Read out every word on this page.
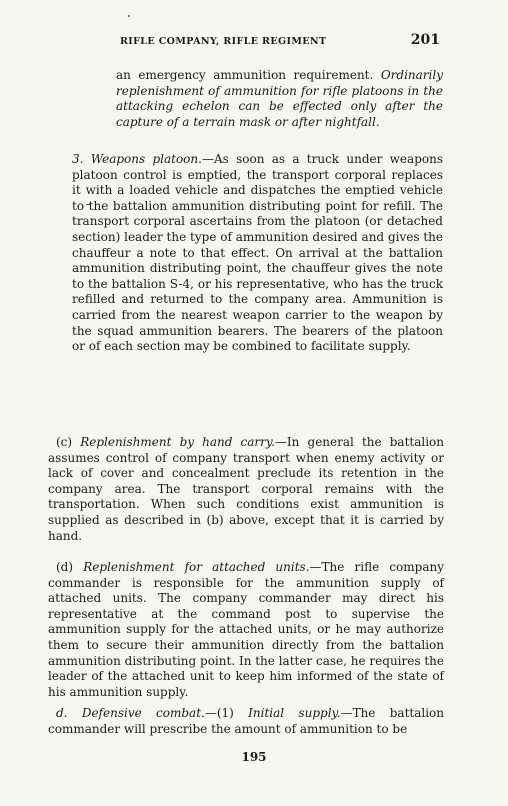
RIFLE COMPANY, RIFLE REGIMENT	201

an emergency ammunition requirement. Ordinarily replenishment of ammunition for rifle platoons in the attacking echelon can be effected only after the capture of a terrain mask or after nightfall.

3. Weapons platoon.—As soon as a truck under weapons platoon control is emptied, the transport corporal replaces it with a loaded vehicle and dispatches the emptied vehicle to the battalion ammunition distributing point for refill. The transport corporal ascertains from the platoon (or detached section) leader the type of ammunition desired and gives the chauffeur a note to that effect. On arrival at the battalion ammunition distributing point, the chauffeur gives the note to the battalion S-4, or his representative, who has the truck refilled and returned to the company area. Ammunition is carried from the nearest weapon carrier to the weapon by the squad ammunition bearers. The bearers of the platoon or of each section may be combined to facilitate supply.

(c) Replenishment by hand carry.—In general the battalion assumes control of company transport when enemy activity or lack of cover and concealment preclude its retention in the company area. The transport corporal remains with the transportation. When such conditions exist ammunition is supplied as described in (b) above, except that it is carried by hand.

(d) Replenishment for attached units.—The rifle company commander is responsible for the ammunition supply of attached units. The company commander may direct his representative at the command post to supervise the ammunition supply for the attached units, or he may authorize them to secure their ammunition directly from the battalion ammunition distributing point. In the latter case, he requires the leader of the attached unit to keep him informed of the state of his ammunition supply.

d. Defensive combat.—(1) Initial supply.—The battalion commander will prescribe the amount of ammunition to be

195
